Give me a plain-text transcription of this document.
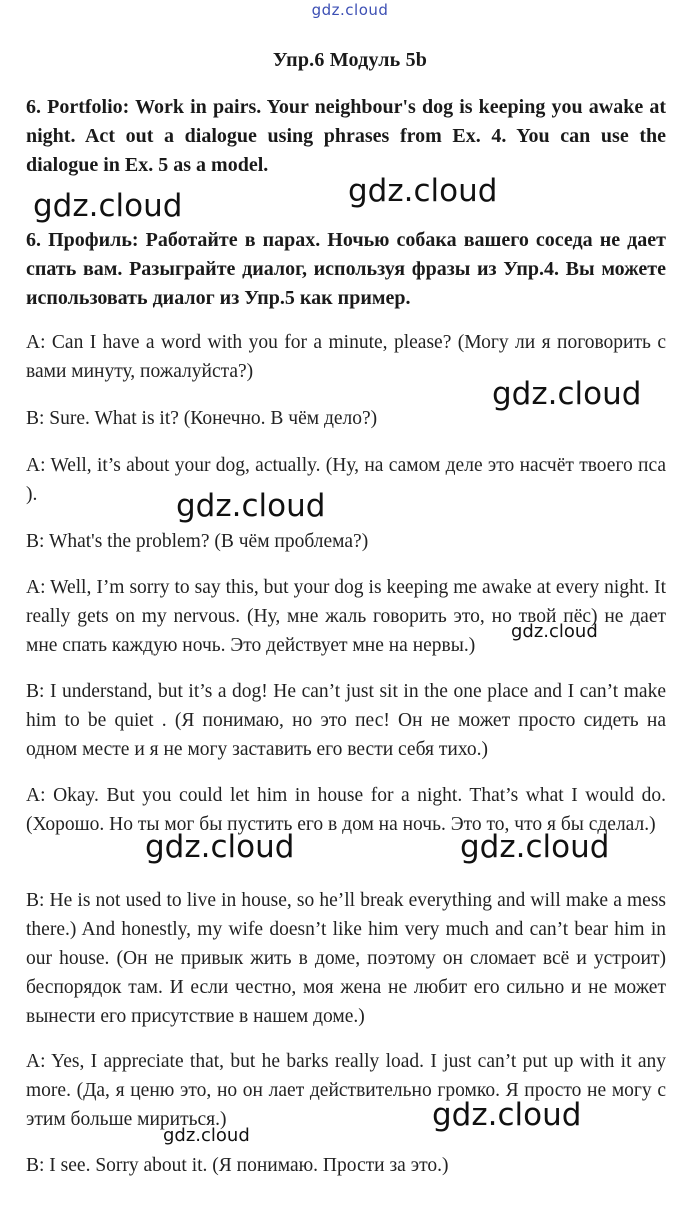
gdz.cloud
Упр.6 Модуль 5b
6. Portfolio: Work in pairs. Your neighbour's dog is keeping you awake at night. Act out a dialogue using phrases from Ex. 4. You can use the dialogue in Ex. 5 as a model.
6. Профиль: Работайте в парах. Ночью собака вашего соседа не дает спать вам. Разыграйте диалог, используя фразы из Упр.4. Вы можете использовать диалог из Упр.5 как пример.
A: Can I have a word with you for a minute, please? (Могу ли я поговорить с вами минуту, пожалуйста?)
B: Sure. What is it? (Конечно. В чём дело?)
A: Well, it’s about your dog, actually. (Ну, на самом деле это насчёт твоего пса ).
B: What's the problem? (В чём проблема?)
A: Well, I’m sorry to say this, but your dog is keeping me awake at every night. It really gets on my nervous. (Ну, мне жаль говорить это, но твой пёс) не дает мне спать каждую ночь. Это действует мне на нервы.)
B: I understand, but it’s a dog! He can’t just sit in the one place and I can’t make him to be quiet . (Я понимаю, но это пес! Он не может просто сидеть на одном месте и я не могу заставить его вести себя тихо.)
A: Okay. But you could let him in house for a night. That’s what I would do. (Хорошо. Но ты мог бы пустить его в дом на ночь. Это то, что я бы сделал.)
B: He is not used to live in house, so he’ll break everything and will make a mess there.) And honestly, my wife doesn’t like him very much and can’t bear him in our house. (Он не привык жить в доме, поэтому он сломает всё и устроит) беспорядок там. И если честно, моя жена не любит его сильно и не может вынести его присутствие в нашем доме.)
A: Yes, I appreciate that, but he barks really load. I just can’t put up with it any more. (Да, я ценю это, но он лает действительно громко. Я просто не могу с этим больше мириться.)
B: I see. Sorry about it. (Я понимаю. Прости за это.)
gdz.cloud	gdz.cloud
gdz.cloud
gdz.cloud
gdz.cloud
gdz.cloud	gdz.cloud
gdz.cloud
gdz.cloud
